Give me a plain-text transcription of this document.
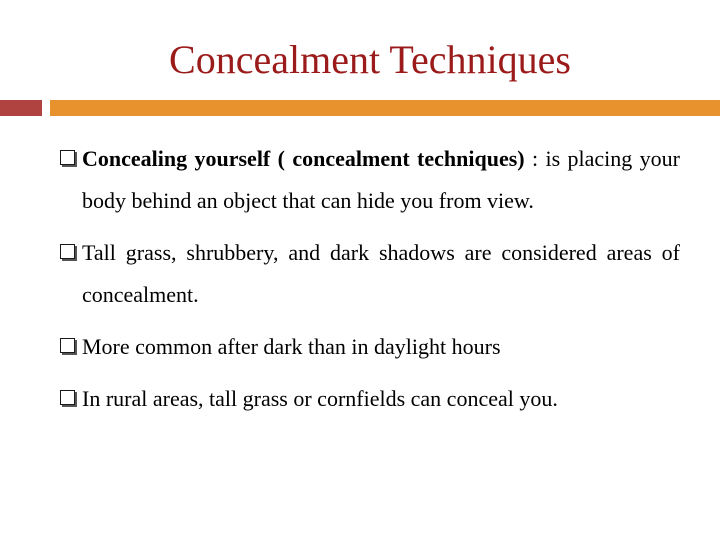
Concealment Techniques
Concealing yourself ( concealment techniques) : is placing your body behind an object that can hide you from view.
Tall grass, shrubbery, and dark shadows are considered areas of concealment.
More common after dark than in daylight hours
In rural areas, tall grass or cornfields can conceal you.
